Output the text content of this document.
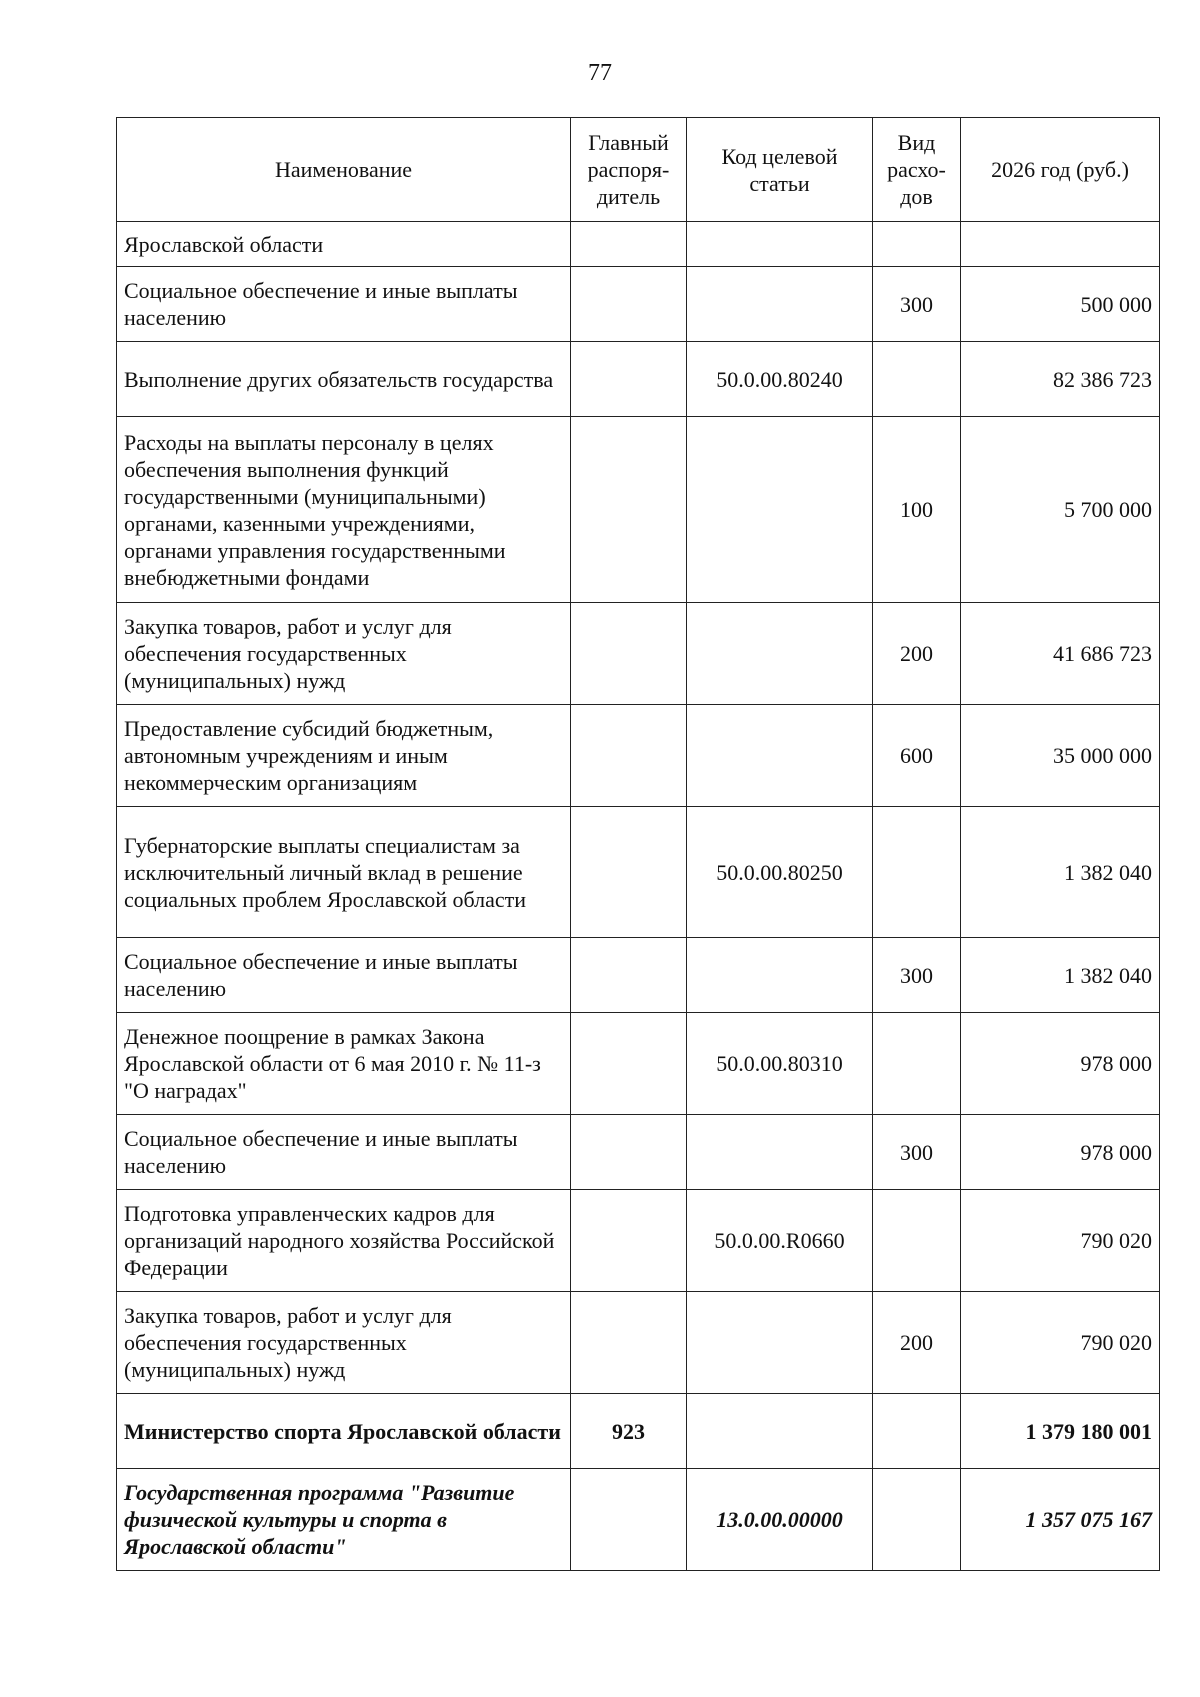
77
Наименование	Главный распоря-дитель	Код целевой статьи	Вид расхо-дов	2026 год (руб.)
Ярославской области				
Социальное обеспечение и иные выплаты населению			300	500 000
Выполнение других обязательств государства		50.0.00.80240		82 386 723
Расходы на выплаты персоналу в целях обеспечения выполнения функций государственными (муниципальными) органами, казенными учреждениями, органами управления государственными внебюджетными фондами			100	5 700 000
Закупка товаров, работ и услуг для обеспечения государственных (муниципальных) нужд			200	41 686 723
Предоставление субсидий бюджетным, автономным учреждениям и иным некоммерческим организациям			600	35 000 000
Губернаторские выплаты специалистам за исключительный личный вклад в решение социальных проблем Ярославской области		50.0.00.80250		1 382 040
Социальное обеспечение и иные выплаты населению			300	1 382 040
Денежное поощрение в рамках Закона Ярославской области от 6 мая 2010 г. № 11-з "О наградах"		50.0.00.80310		978 000
Социальное обеспечение и иные выплаты населению			300	978 000
Подготовка управленческих кадров для организаций народного хозяйства Российской Федерации		50.0.00.R0660		790 020
Закупка товаров, работ и услуг для обеспечения государственных (муниципальных) нужд			200	790 020
Министерство спорта Ярославской области	923			1 379 180 001
Государственная программа "Развитие физической культуры и спорта в Ярославской области"		13.0.00.00000		1 357 075 167
